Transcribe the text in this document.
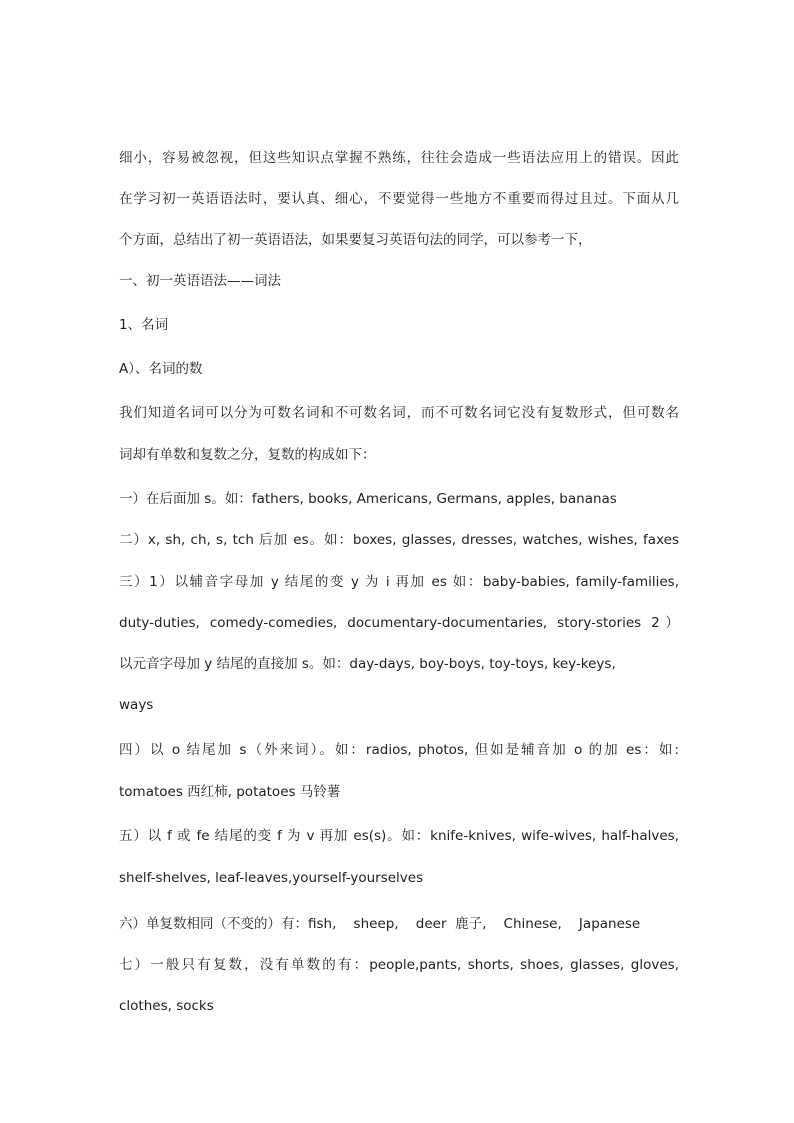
细小，容易被忽视，但这些知识点掌握不熟练，往往会造成一些语法应用上的错误。因此
在学习初一英语语法时，要认真、细心，不要觉得一些地方不重要而得过且过。下面从几
个方面，总结出了初一英语语法，如果要复习英语句法的同学，可以参考一下，
一、初一英语语法——词法
1、名词
A）、名词的数
我们知道名词可以分为可数名词和不可数名词，而不可数名词它没有复数形式，但可数名
词却有单数和复数之分，复数的构成如下：
一）在后面加 s。如：fathers, books, Americans, Germans, apples, bananas
二）x, sh, ch, s, tch 后加 es。如：boxes, glasses, dresses, watches, wishes, faxes
三）1）以辅音字母加 y 结尾的变 y 为 i 再加 es 如：baby-babies, family-families,
duty-duties, comedy-comedies, documentary-documentaries, story-stories 2）
以元音字母加 y 结尾的直接加 s。如：day-days, boy-boys, toy-toys, key-keys,
ways
四）以 o 结尾加 s（外来词）。如：radios, photos, 但如是辅音加 o 的加 es：如:
tomatoes 西红柿, potatoes 马铃薯
五）以 f 或 fe 结尾的变 f 为 v 再加 es(s)。如：knife-knives, wife-wives, half-halves,
shelf-shelves, leaf-leaves,yourself-yourselves
六）单复数相同（不变的）有：fish,    sheep,    deer  鹿子,    Chinese,    Japanese
七）一般只有复数，没有单数的有：people,pants, shorts, shoes, glasses, gloves,
clothes, socks
